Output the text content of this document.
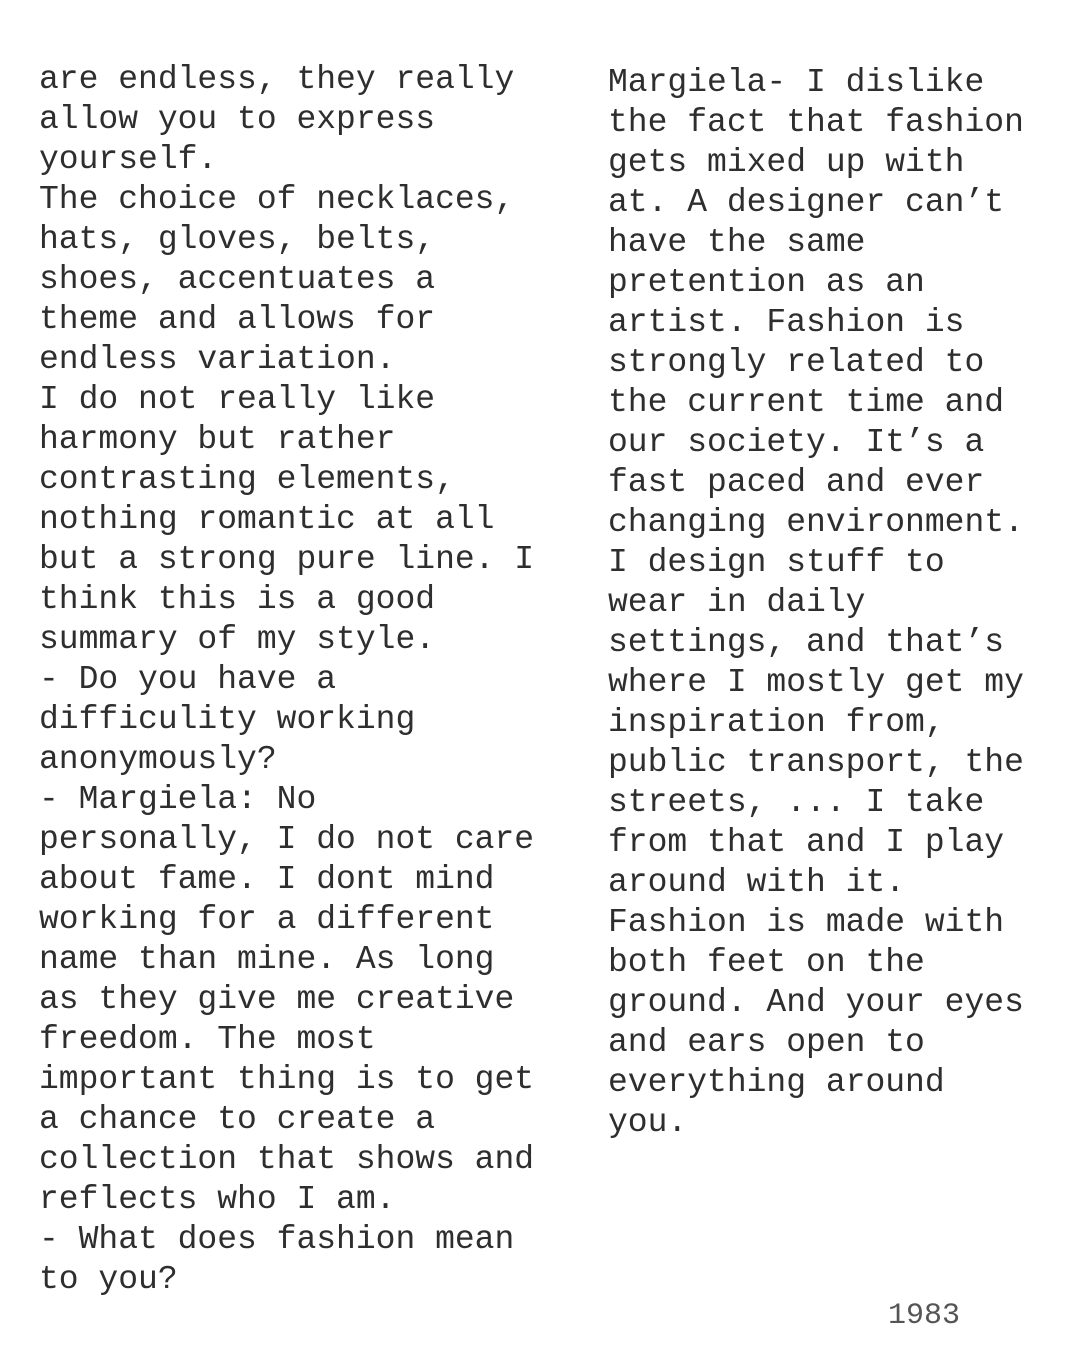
are endless, they really
allow you to express
yourself.
The choice of necklaces,
hats, gloves, belts,
shoes, accentuates a
theme and allows for
endless variation.
I do not really like
harmony but rather
contrasting elements,
nothing romantic at all
but a strong pure line. I
think this is a good
summary of my style.
- Do you have a
difficulity working
anonymously?
- Margiela: No
personally, I do not care
about fame. I dont mind
working for a different
name than mine. As long
as they give me creative
freedom. The most
important thing is to get
a chance to create a
collection that shows and
reflects who I am.
- What does fashion mean
to you?
Margiela- I dislike
the fact that fashion
gets mixed up with
at. A designer can’t
have the same
pretention as an
artist. Fashion is
strongly related to
the current time and
our society. It’s a
fast paced and ever
changing environment.
I design stuff to
wear in daily
settings, and that’s
where I mostly get my
inspiration from,
public transport, the
streets, ... I take
from that and I play
around with it.
Fashion is made with
both feet on the
ground. And your eyes
and ears open to
everything around
you.
1983
